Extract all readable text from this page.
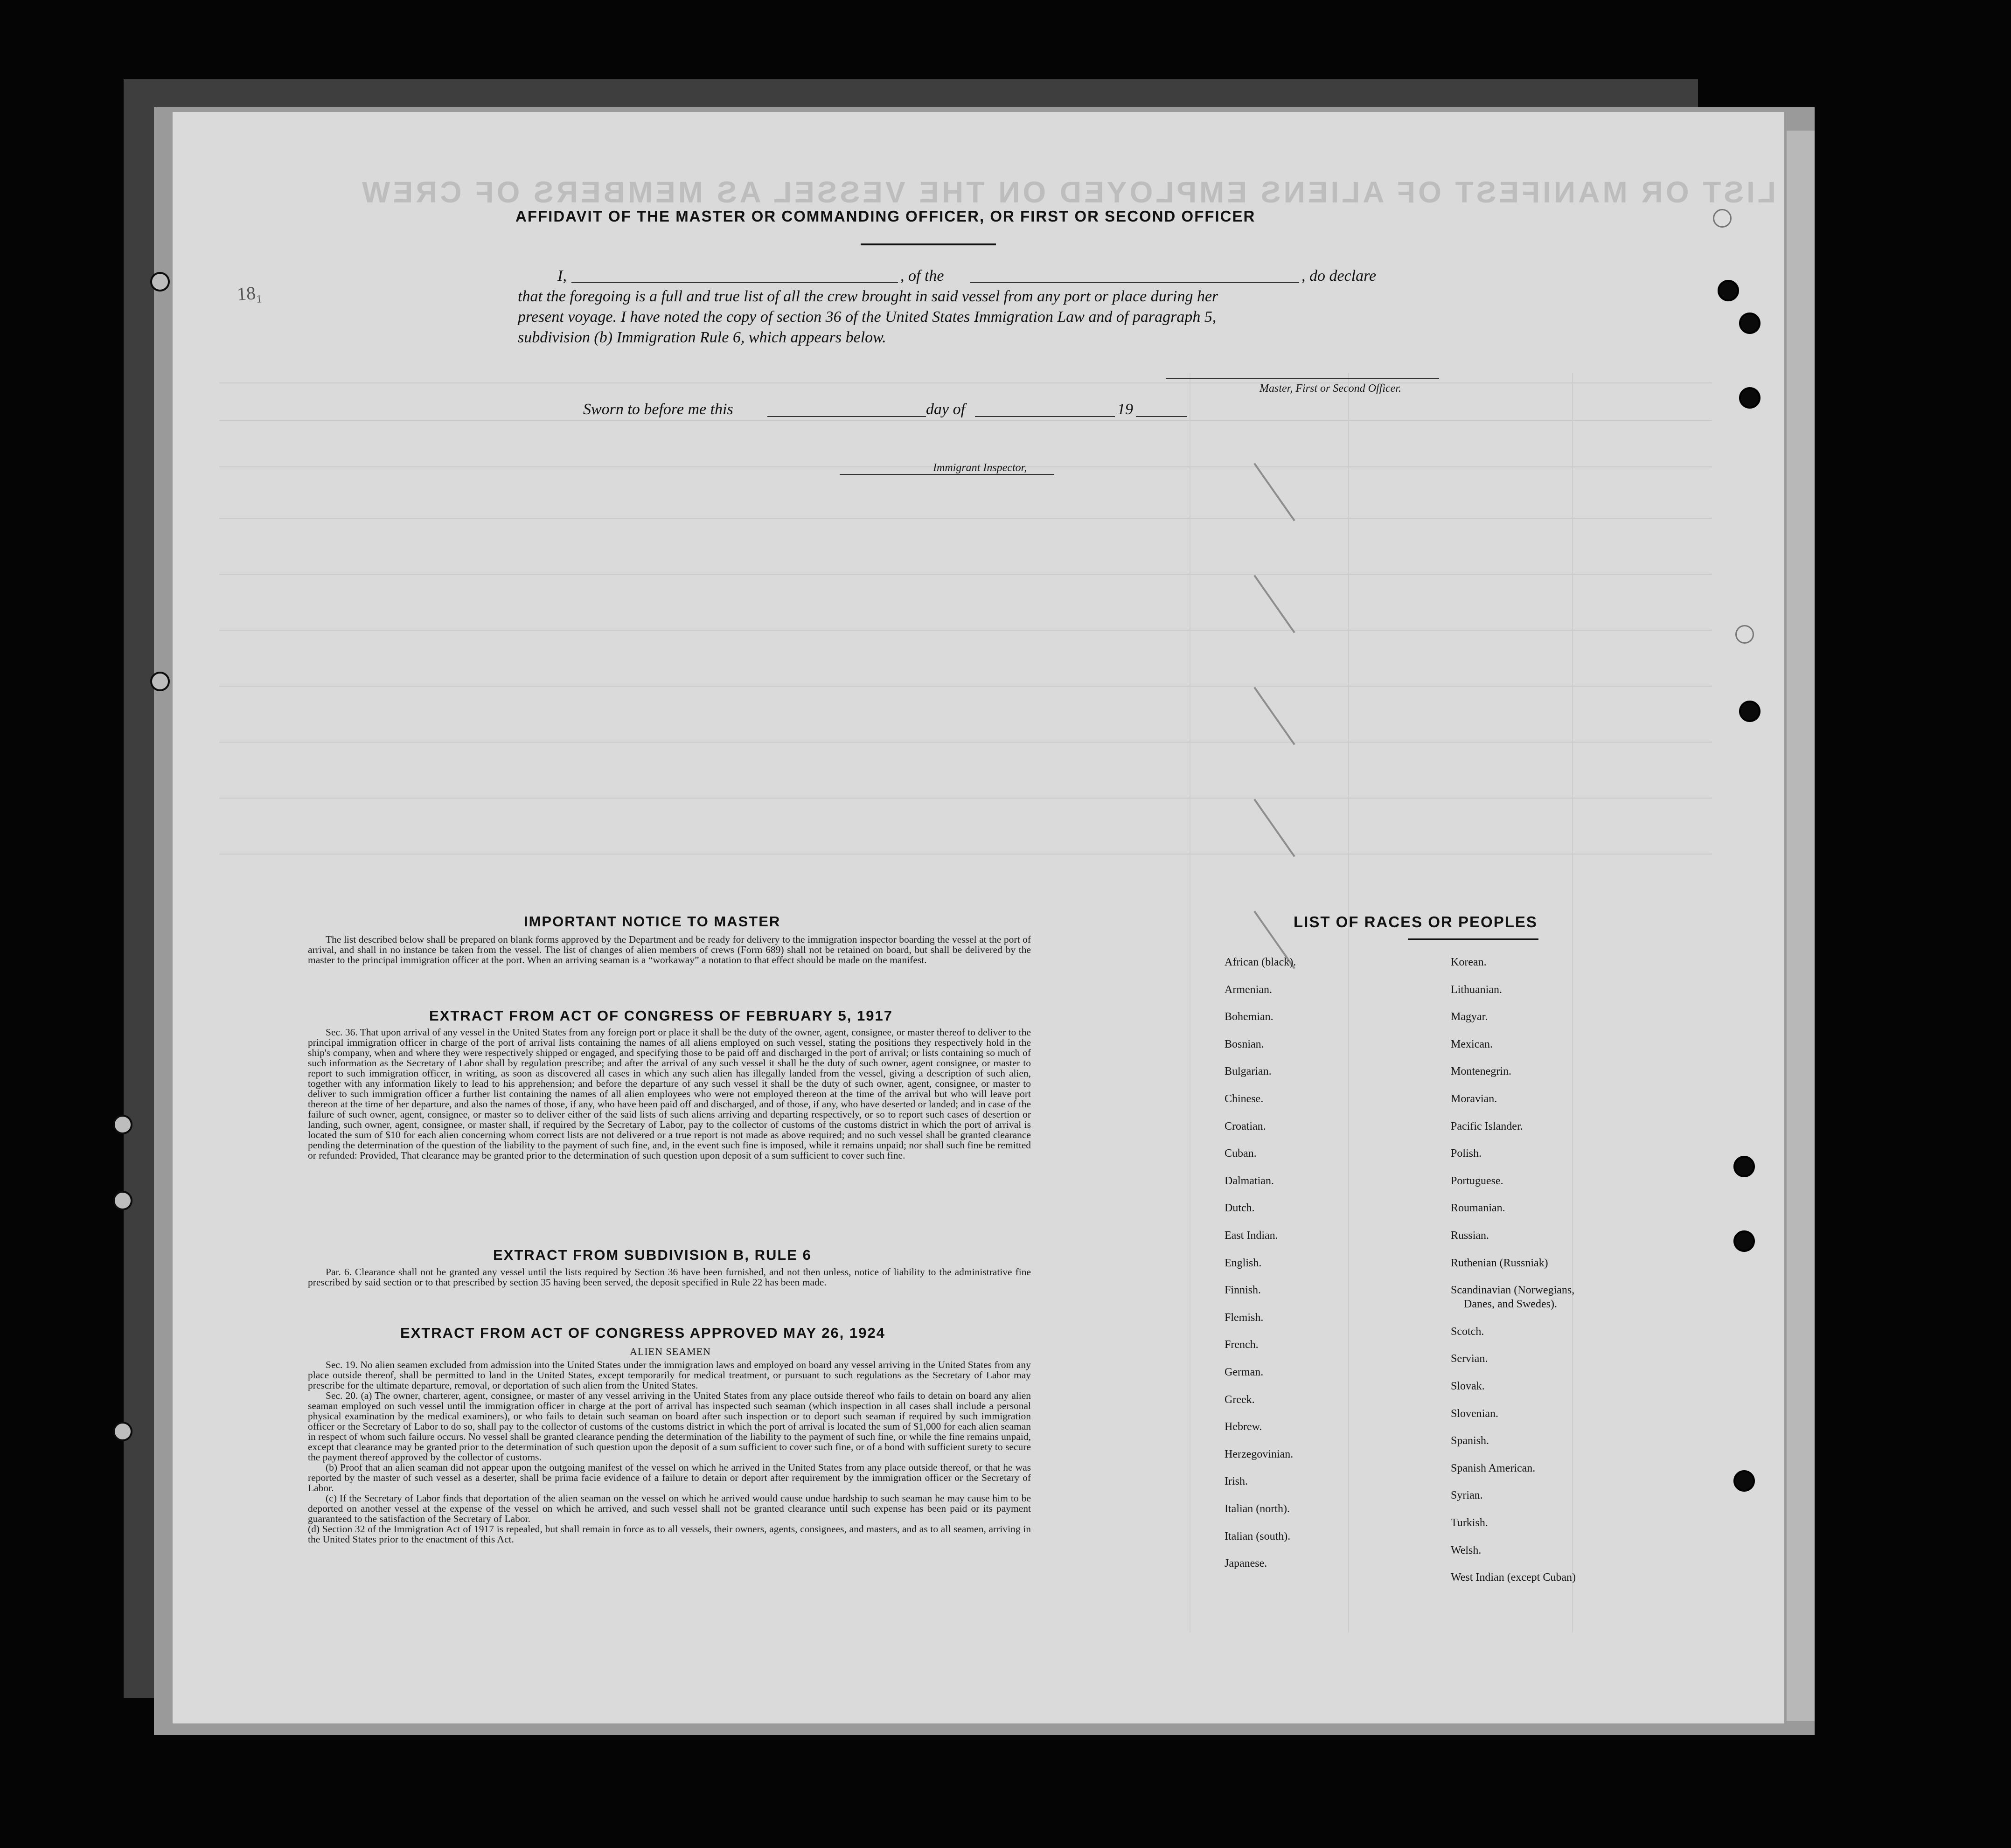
LIST OR MANIFEST OF ALIENS EMPLOYED ON THE VESSEL AS MEMBERS OF CREW
18₁
AFFIDAVIT OF THE MASTER OR COMMANDING OFFICER, OR FIRST OR SECOND OFFICER
I,	, of the	, do declare
that the foregoing is a full and true list of all the crew brought in said vessel from any port or place during her
present voyage. I have noted the copy of section 36 of the United States Immigration Law and of paragraph 5,
subdivision (b) Immigration Rule 6, which appears below.
Master, First or Second Officer.
Sworn to before me this	day of	19
Immigrant Inspector,
IMPORTANT NOTICE TO MASTER

The list described below shall be prepared on blank forms approved by the Department and be ready for delivery to the immigration inspector boarding the vessel at the port of arrival, and shall in no instance be taken from the vessel. The list of changes of alien members of crews (Form 689) shall not be retained on board, but shall be delivered by the master to the principal immigration officer at the port. When an arriving seaman is a “workaway” a notation to that effect should be made on the manifest.

EXTRACT FROM ACT OF CONGRESS OF FEBRUARY 5, 1917

Sec. 36. That upon arrival of any vessel in the United States from any foreign port or place it shall be the duty of the owner, agent, consignee, or master thereof to deliver to the principal immigration officer in charge of the port of arrival lists containing the names of all aliens employed on such vessel, stating the positions they respectively hold in the ship's company, when and where they were respectively shipped or engaged, and specifying those to be paid off and discharged in the port of arrival; or lists containing so much of such information as the Secretary of Labor shall by regulation prescribe; and after the arrival of any such vessel it shall be the duty of such owner, agent consignee, or master to report to such immigration officer, in writing, as soon as discovered all cases in which any such alien has illegally landed from the vessel, giving a description of such alien, together with any information likely to lead to his apprehension; and before the departure of any such vessel it shall be the duty of such owner, agent, consignee, or master to deliver to such immigration officer a further list containing the names of all alien employees who were not employed thereon at the time of the arrival but who will leave port thereon at the time of her departure, and also the names of those, if any, who have been paid off and discharged, and of those, if any, who have deserted or landed; and in case of the failure of such owner, agent, consignee, or master so to deliver either of the said lists of such aliens arriving and departing respectively, or so to report such cases of desertion or landing, such owner, agent, consignee, or master shall, if required by the Secretary of Labor, pay to the collector of customs of the customs district in which the port of arrival is located the sum of $10 for each alien concerning whom correct lists are not delivered or a true report is not made as above required; and no such vessel shall be granted clearance pending the determination of the question of the liability to the payment of such fine, and, in the event such fine is imposed, while it remains unpaid; nor shall such fine be remitted or refunded: Provided, That clearance may be granted prior to the determination of such question upon deposit of a sum sufficient to cover such fine.

EXTRACT FROM SUBDIVISION B, RULE 6

Par. 6. Clearance shall not be granted any vessel until the lists required by Section 36 have been furnished, and not then unless, notice of liability to the administrative fine prescribed by said section or to that prescribed by section 35 having been served, the deposit specified in Rule 22 has been made.

EXTRACT FROM ACT OF CONGRESS APPROVED MAY 26, 1924
ALIEN SEAMEN

Sec. 19. No alien seamen excluded from admission into the United States under the immigration laws and employed on board any vessel arriving in the United States from any place outside thereof, shall be permitted to land in the United States, except temporarily for medical treatment, or pursuant to such regulations as the Secretary of Labor may prescribe for the ultimate departure, removal, or deportation of such alien from the United States.

Sec. 20. (a) The owner, charterer, agent, consignee, or master of any vessel arriving in the United States from any place outside thereof who fails to detain on board any alien seaman employed on such vessel until the immigration officer in charge at the port of arrival has inspected such seaman (which inspection in all cases shall include a personal physical examination by the medical examiners), or who fails to detain such seaman on board after such inspection or to deport such seaman if required by such immigration officer or the Secretary of Labor to do so, shall pay to the collector of customs of the customs district in which the port of arrival is located the sum of $1,000 for each alien seaman in respect of whom such failure occurs. No vessel shall be granted clearance pending the determination of the liability to the payment of such fine, or while the fine remains unpaid, except that clearance may be granted prior to the determination of such question upon the deposit of a sum sufficient to cover such fine, or of a bond with sufficient surety to secure the payment thereof approved by the collector of customs.

(b) Proof that an alien seaman did not appear upon the outgoing manifest of the vessel on which he arrived in the United States from any place outside thereof, or that he was reported by the master of such vessel as a deserter, shall be prima facie evidence of a failure to detain or deport after requirement by the immigration officer or the Secretary of Labor.

(c) If the Secretary of Labor finds that deportation of the alien seaman on the vessel on which he arrived would cause undue hardship to such seaman he may cause him to be deported on another vessel at the expense of the vessel on which he arrived, and such vessel shall not be granted clearance until such expense has been paid or its payment guaranteed to the satisfaction of the Secretary of Labor.

(d) Section 32 of the Immigration Act of 1917 is repealed, but shall remain in force as to all vessels, their owners, agents, consignees, and masters, and as to all seamen, arriving in the United States prior to the enactment of this Act.

LIST OF RACES OR PEOPLES
African (black).
Armenian.
Bohemian.
Bosnian.
Bulgarian.
Chinese.
Croatian.
Cuban.
Dalmatian.
Dutch.
East Indian.
English.
Finnish.
Flemish.
French.
German.
Greek.
Hebrew.
Herzegovinian.
Irish.
Italian (north).
Italian (south).
Japanese.
Korean.
Lithuanian.
Magyar.
Mexican.
Montenegrin.
Moravian.
Pacific Islander.
Polish.
Portuguese.
Roumanian.
Russian.
Ruthenian (Russniak)
Scandinavian (Norwegians,
Danes, and Swedes).
Scotch.
Servian.
Slovak.
Slovenian.
Spanish.
Spanish American.
Syrian.
Turkish.
Welsh.
West Indian (except Cuban)
